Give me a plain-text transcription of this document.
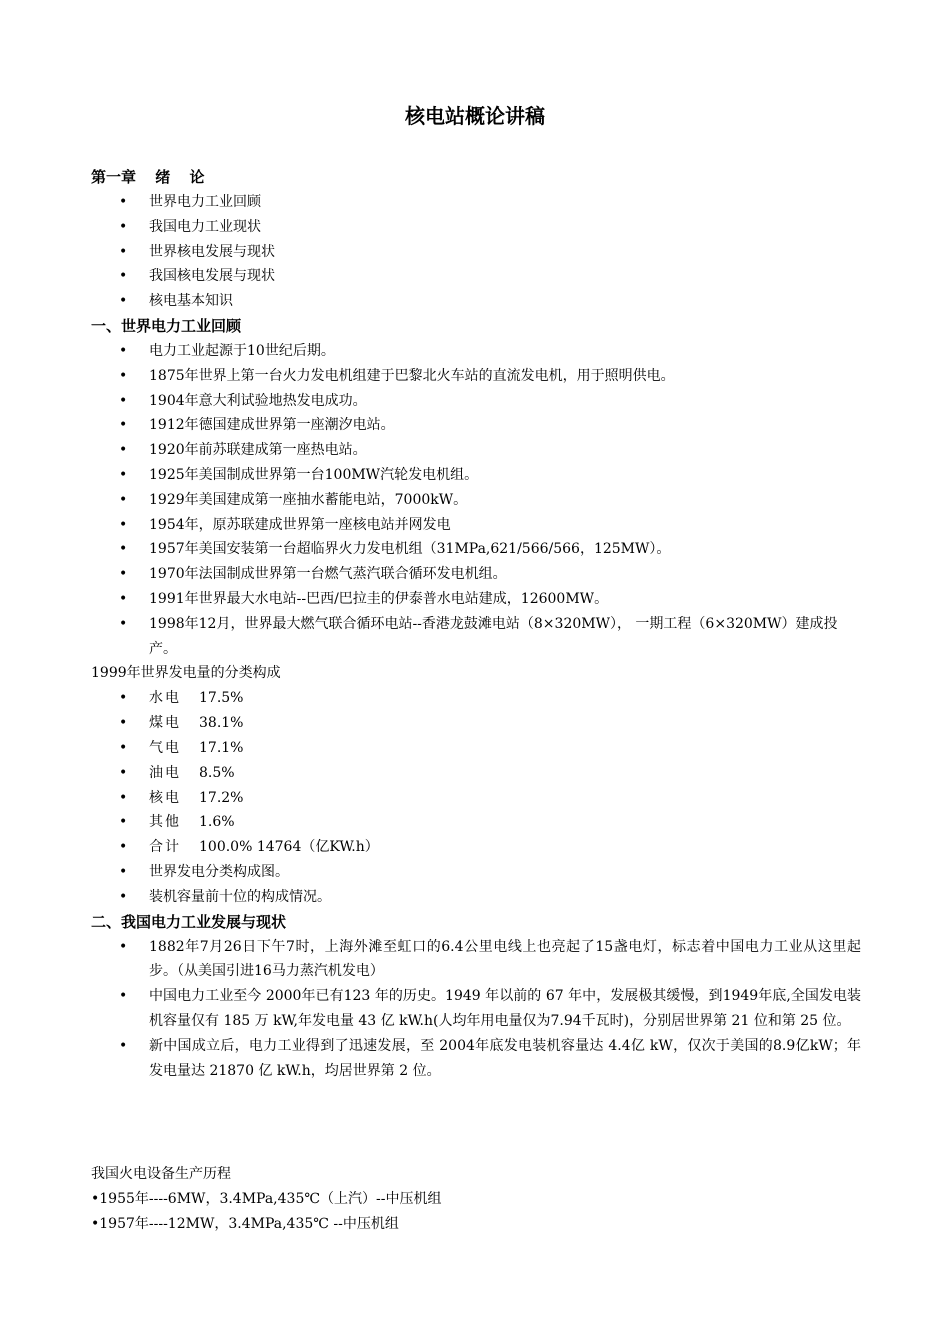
核电站概论讲稿
第一章 绪 论
• 世界电力工业回顾
• 我国电力工业现状
• 世界核电发展与现状
• 我国核电发展与现状
• 核电基本知识
一、世界电力工业回顾
• 电力工业起源于10世纪后期。
• 1875年世界上第一台火力发电机组建于巴黎北火车站的直流发电机，用于照明供电。
• 1904年意大利试验地热发电成功。
• 1912年德国建成世界第一座潮汐电站。
• 1920年前苏联建成第一座热电站。
• 1925年美国制成世界第一台100MW汽轮发电机组。
• 1929年美国建成第一座抽水蓄能电站，7000kW。
• 1954年，原苏联建成世界第一座核电站并网发电
• 1957年美国安装第一台超临界火力发电机组（31MPa,621/566/566，125MW）。
• 1970年法国制成世界第一台燃气蒸汽联合循环发电机组。
• 1991年世界最大水电站--巴西/巴拉圭的伊泰普水电站建成，12600MW。
• 1998年12月，世界最大燃气联合循环电站--香港龙鼓滩电站（8×320MW）， 一期工程（6×320MW）建成投产。
1999年世界发电量的分类构成
• 水电 17.5%
• 煤电 38.1%
• 气电 17.1%
• 油电 8.5%
• 核电 17.2%
• 其他 1.6%
• 合计 100.0% 14764（亿KW.h）
• 世界发电分类构成图。
• 装机容量前十位的构成情况。
二、我国电力工业发展与现状
• 1882年7月26日下午7时，上海外滩至虹口的6.4公里电线上也亮起了15盏电灯，标志着中国电力工业从这里起步。（从美国引进16马力蒸汽机发电）
• 中国电力工业至今 2000年已有123 年的历史。1949 年以前的 67 年中，发展极其缓慢，到1949年底,全国发电装机容量仅有 185 万 kW,年发电量 43 亿 kW.h(人均年用电量仅为7.94千瓦时)，分别居世界第 21 位和第 25 位。
• 新中国成立后，电力工业得到了迅速发展，至 2004年底发电装机容量达 4.4亿 kW，仅次于美国的8.9亿kW；年发电量达 21870 亿 kW.h，均居世界第 2 位。
我国火电设备生产历程
•1955年----6MW，3.4MPa,435℃（上汽）--中压机组
•1957年----12MW，3.4MPa,435℃ --中压机组
